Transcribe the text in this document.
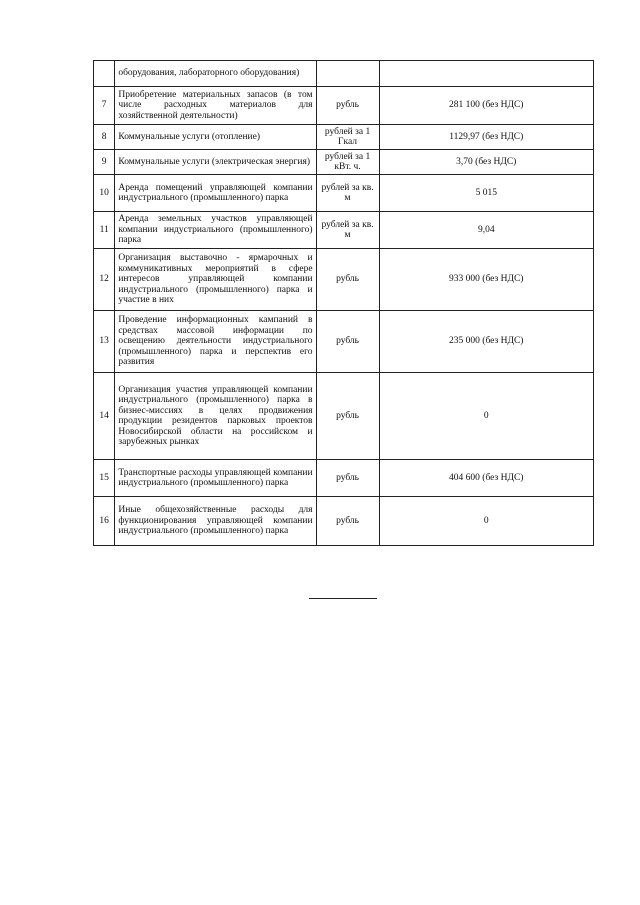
	оборудования, лабораторного оборудования)		
7	Приобретение материальных запасов (в том числе расходных материалов для хозяйственной деятельности)	рубль	281 100 (без НДС)
8	Коммунальные услуги (отопление)	рублей за 1 Гкал	1129,97 (без НДС)
9	Коммунальные услуги (электрическая энергия)	рублей за 1 кВт. ч.	3,70 (без НДС)
10	Аренда помещений управляющей компании индустриального (промышленного) парка	рублей за кв. м	5 015
11	Аренда земельных участков управляющей компании индустриального (промышленного) парка	рублей за кв. м	9,04
12	Организация выставочно - ярмарочных и коммуникативных мероприятий в сфере интересов управляющей компании индустриального (промышленного) парка и участие в них	рубль	933 000 (без НДС)
13	Проведение информационных кампаний в средствах массовой информации по освещению деятельности индустриального (промышленного) парка и перспектив его развития	рубль	235 000 (без НДС)
14	Организация участия управляющей компании индустриального (промышленного) парка в бизнес-миссиях в целях продвижения продукции резидентов парковых проектов Новосибирской области на российском и зарубежных рынках	рубль	0
15	Транспортные расходы управляющей компании индустриального (промышленного) парка	рубль	404 600 (без НДС)
16	Иные общехозяйственные расходы для функционирования управляющей компании индустриального (промышленного) парка	рубль	0
